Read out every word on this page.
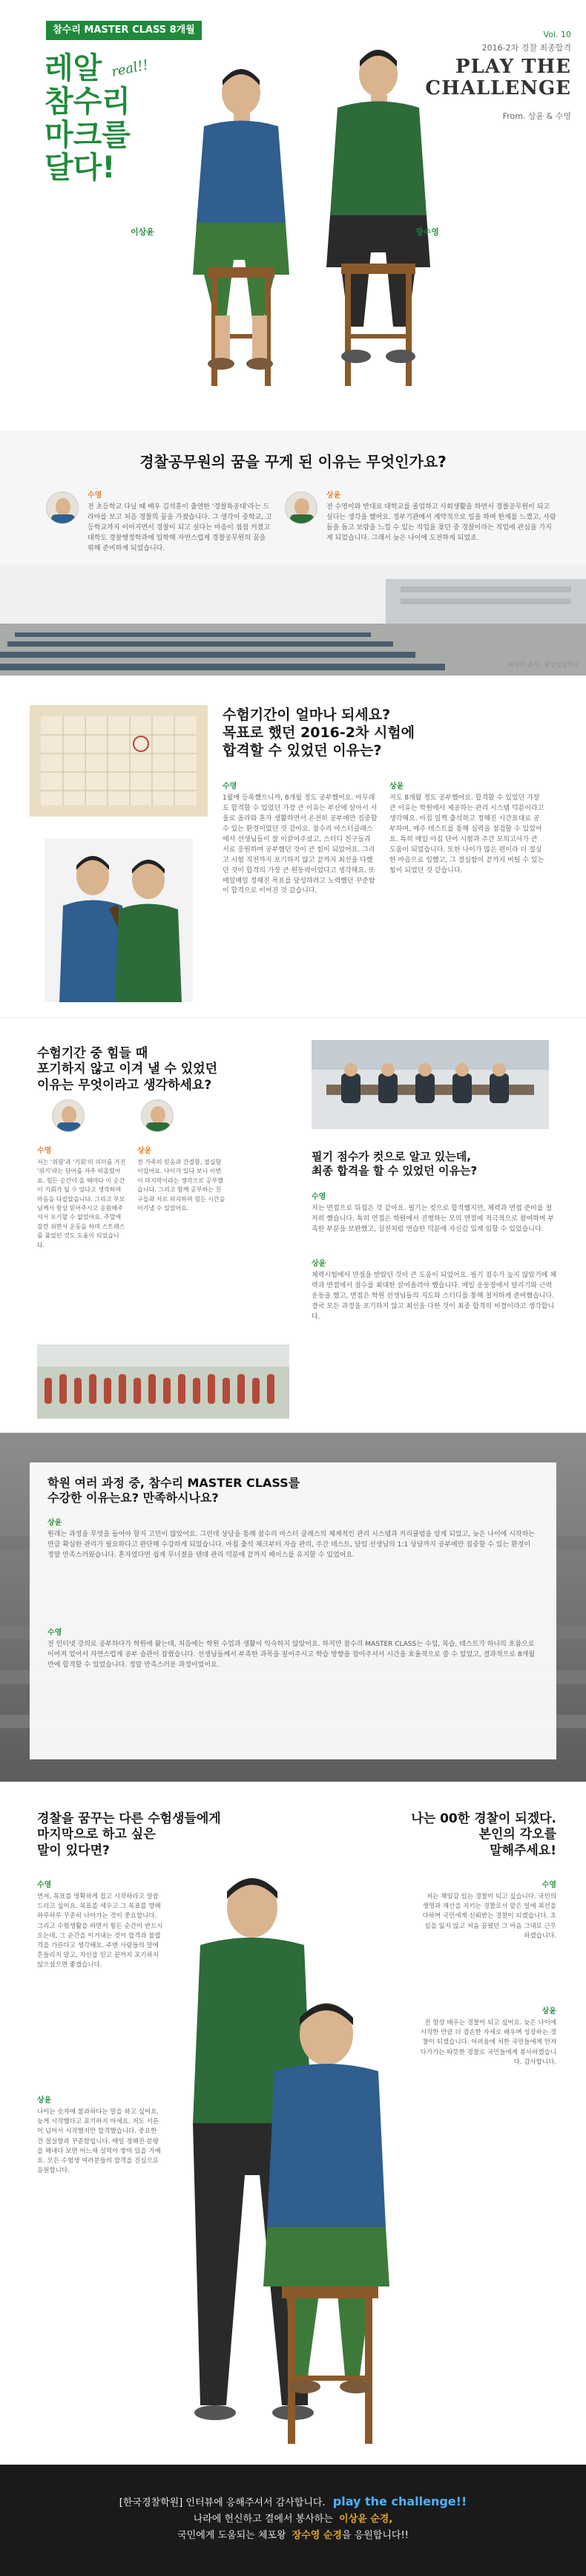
참수리 MASTER CLASS 8개월
레알
참수리
마크를
달다!
real!!
Vol. 10
2016-2차 경찰 최종합격
PLAY THE
CHALLENGE
From. 상윤 & 수영
이상윤	장수영
경찰공무원의 꿈을 꾸게 된 이유는 무엇인가요?
수영
전 초등학교 다닐 때 배우 김석훈이 출연한 '경찰특공대'라는 드라마를 보고 처음 경찰의 꿈을 가졌습니다. 그 생각이 중학교, 고등학교까지 이어지면서 경찰이 되고 싶다는 마음이 점점 커졌고 대학도 경찰행정학과에 입학해 자연스럽게 경찰공무원의 꿈을 위해 준비하게 되었습니다.
상윤
전 수영이와 반대로 대학교를 졸업하고 사회생활을 하면서 경찰공무원이 되고 싶다는 생각을 했어요. 정부기관에서 계약직으로 일을 하며 한계를 느꼈고, 사람들을 돕고 보람을 느낄 수 있는 직업을 찾던 중 경찰이라는 직업에 관심을 가지게 되었습니다. 그래서 늦은 나이에 도전하게 되었죠.
이미지 출처 : 중앙경찰학교
수험기간이 얼마나 되세요?
목표로 했던 2016-2차 시험에
합격할 수 있었던 이유는?
수영
1월에 등록했으니까, 8개월 정도 공부했어요. 아무래도 합격할 수 있었던 가장 큰 이유는 부산에 살아서 서울로 올라와 혼자 생활하면서 온전히 공부에만 집중할 수 있는 환경이었던 것 같아요. 참수리 마스터클래스에서 선생님들이 잘 이끌어주셨고, 스터디 친구들과 서로 응원하며 공부했던 것이 큰 힘이 되었어요. 그리고 시험 직전까지 포기하지 않고 끝까지 최선을 다했던 것이 합격의 가장 큰 원동력이었다고 생각해요. 또 매일매일 정해진 목표를 달성하려고 노력했던 꾸준함이 합격으로 이어진 것 같습니다.
상윤
저도 8개월 정도 공부했어요. 합격할 수 있었던 가장 큰 이유는 학원에서 제공하는 관리 시스템 덕분이라고 생각해요. 아침 일찍 출석하고 정해진 시간표대로 공부하며, 매주 테스트를 통해 실력을 점검할 수 있었어요. 특히 매일 아침 단어 시험과 주간 모의고사가 큰 도움이 되었습니다. 또한 나이가 많은 편이라 더 절실한 마음으로 임했고, 그 절실함이 끝까지 버틸 수 있는 힘이 되었던 것 같습니다.
수험기간 중 힘들 때
포기하지 않고 이겨 낼 수 있었던
이유는 무엇이라고 생각하세요?
수영
저는 '위험'과 '기회'의 의미를 가진 '위기'라는 단어를 자주 떠올렸어요. 힘든 순간이 올 때마다 이 순간이 기회가 될 수 있다고 생각하며 마음을 다잡았습니다. 그리고 부모님께서 항상 믿어주시고 응원해주셔서 포기할 수 없었어요. 주말에 잠깐 쉬면서 운동을 하며 스트레스를 풀었던 것도 도움이 되었습니다.
상윤
전 가족의 믿음과 간절함, 절실함이었어요. 나이가 있다 보니 이번이 마지막이라는 생각으로 공부했습니다. 그리고 함께 공부하는 친구들과 서로 의지하며 힘든 시간을 이겨낼 수 있었어요.
필기 점수가 컷으로 알고 있는데,
최종 합격을 할 수 있었던 이유는?
수영
저는 면접으로 뒤집은 것 같아요. 필기는 컷으로 합격했지만, 체력과 면접 준비를 철저히 했습니다. 특히 면접은 학원에서 진행하는 모의 면접에 적극적으로 참여하며 부족한 부분을 보완했고, 실전처럼 연습한 덕분에 자신감 있게 임할 수 있었습니다.
상윤
체력시험에서 만점을 받았던 것이 큰 도움이 되었어요. 필기 점수가 높지 않았기에 체력과 면접에서 점수를 최대한 끌어올려야 했습니다. 매일 운동장에서 달리기와 근력 운동을 했고, 면접은 학원 선생님들의 지도와 스터디를 통해 철저하게 준비했습니다. 결국 모든 과정을 포기하지 않고 최선을 다한 것이 최종 합격의 비결이라고 생각합니다.
학원 여러 과정 중, 참수리 MASTER CLASS를
수강한 이유는요? 만족하시나요?
상윤
원래는 과정을 무엇을 들어야 할지 고민이 많았어요. 그런데 상담을 통해 참수리 마스터 클래스의 체계적인 관리 시스템과 커리큘럼을 알게 되었고, 늦은 나이에 시작하는 만큼 확실한 관리가 필요하다고 판단해 수강하게 되었습니다. 아침 출석 체크부터 자습 관리, 주간 테스트, 담임 선생님의 1:1 상담까지 공부에만 집중할 수 있는 환경이 정말 만족스러웠습니다. 혼자였다면 쉽게 무너졌을 텐데 관리 덕분에 끝까지 페이스를 유지할 수 있었어요.
수영
전 인터넷 강의로 공부하다가 학원에 왔는데, 처음에는 학원 수업과 생활이 익숙하지 않았어요. 하지만 참수리 MASTER CLASS는 수업, 복습, 테스트가 하나의 흐름으로 이어져 있어서 자연스럽게 공부 습관이 잡혔습니다. 선생님들께서 부족한 과목을 짚어주시고 학습 방향을 잡아주셔서 시간을 효율적으로 쓸 수 있었고, 결과적으로 8개월 만에 합격할 수 있었습니다. 정말 만족스러운 과정이었어요.
경찰을 꿈꾸는 다른 수험생들에게
마지막으로 하고 싶은
말이 있다면?
수영
먼저, 목표를 명확하게 잡고 시작하라고 말씀드리고 싶어요. 목표를 세우고 그 목표를 향해 하루하루 꾸준히 나아가는 것이 중요합니다. 그리고 수험생활을 하면서 힘든 순간이 반드시 오는데, 그 순간을 이겨내는 것이 합격과 불합격을 가른다고 생각해요. 주변 사람들의 말에 흔들리지 말고, 자신을 믿고 끝까지 포기하지 않으셨으면 좋겠습니다.
상윤
나이는 숫자에 불과하다는 말을 하고 싶어요. 늦게 시작했다고 포기하지 마세요. 저도 서른이 넘어서 시작했지만 합격했습니다. 중요한 건 절실함과 꾸준함입니다. 매일 정해진 분량을 해내다 보면 어느새 실력이 쌓여 있을 거예요. 모든 수험생 여러분들의 합격을 진심으로 응원합니다.
나는 00한 경찰이 되겠다.
본인의 각오를
말해주세요!
수영
저는 책임감 있는 경찰이 되고 싶습니다. 국민의 생명과 재산을 지키는 경찰로서 맡은 일에 최선을 다하며 국민에게 신뢰받는 경찰이 되겠습니다. 초심을 잃지 않고 처음 꿈꿨던 그 마음 그대로 근무하겠습니다.
상윤
전 항상 배우는 경찰이 되고 싶어요. 늦은 나이에 시작한 만큼 더 겸손한 자세로 배우며 성장하는 경찰이 되겠습니다. 어려움에 처한 국민들에게 먼저 다가가는 따뜻한 경찰로 국민들에게 봉사하겠습니다. 감사합니다.
[한국경찰학원] 인터뷰에 응해주셔서 감사합니다. play the challenge!!
나라에 헌신하고 결에서 봉사하는 이상윤 순경,
국민에게 도움되는 체포왕 장수영 순경을 응원합니다!!
